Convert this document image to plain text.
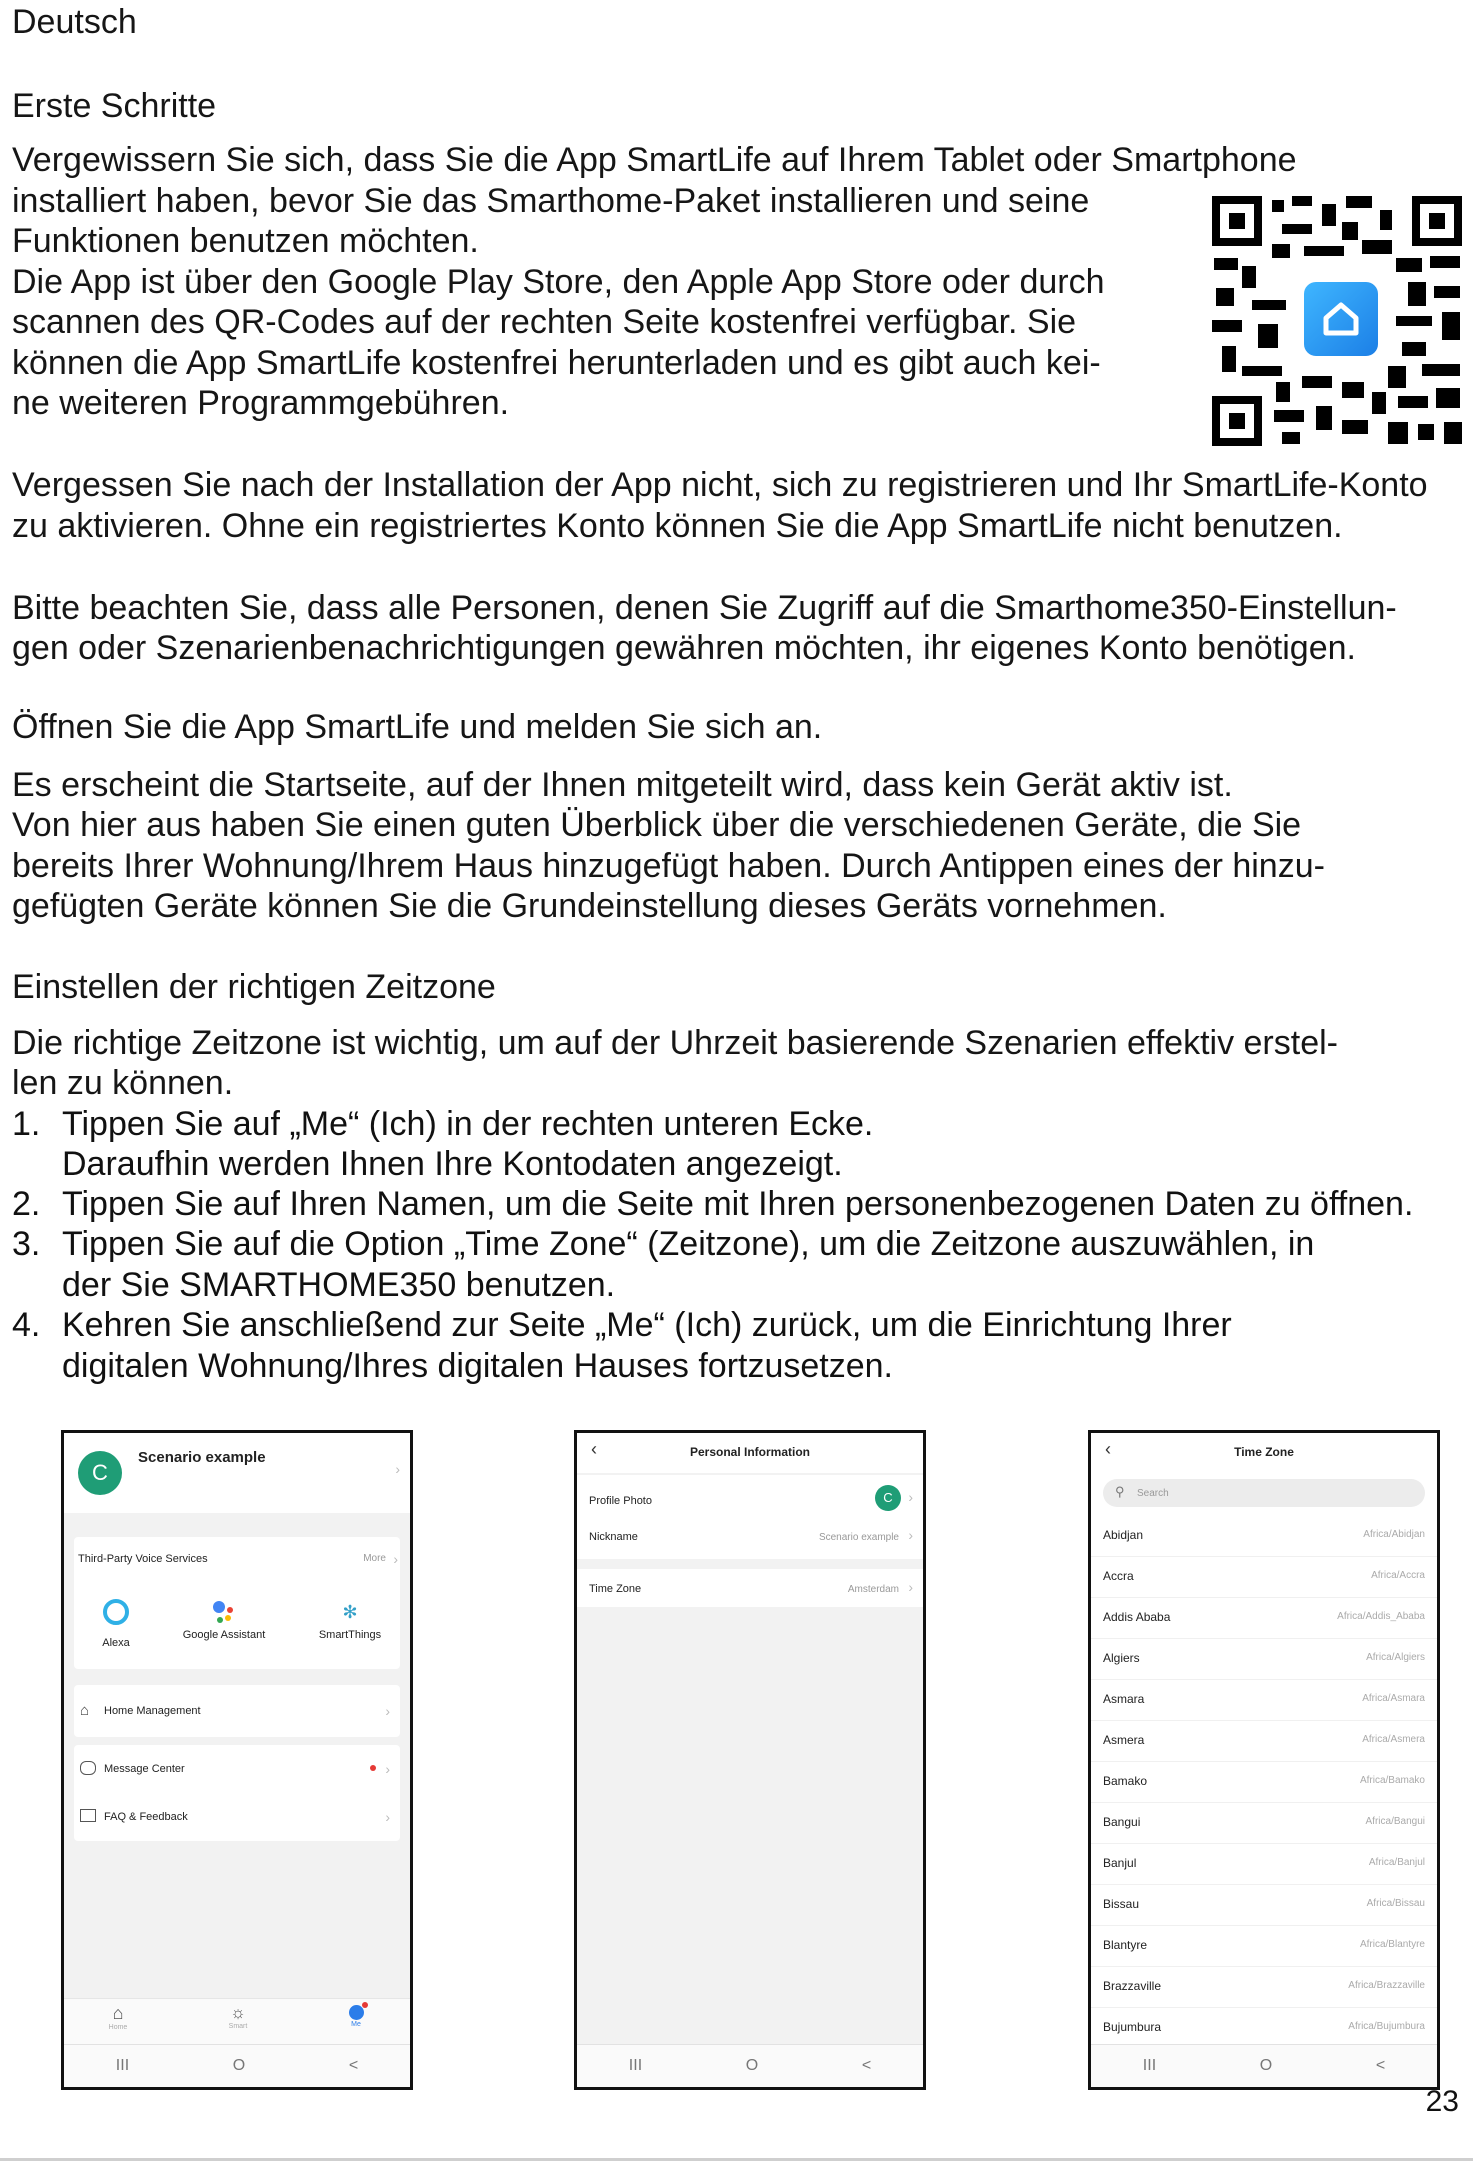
Deutsch
Erste Schritte
Vergewissern Sie sich, dass Sie die App SmartLife auf Ihrem Tablet oder Smartphone
installiert haben, bevor Sie das Smarthome-Paket installieren und seine
Funktionen benutzen möchten.
Die App ist über den Google Play Store, den Apple App Store oder durch
scannen des QR-Codes auf der rechten Seite kostenfrei verfügbar. Sie
können die App SmartLife kostenfrei herunterladen und es gibt auch kei-
ne weiteren Programmgebühren.
Vergessen Sie nach der Installation der App nicht, sich zu registrieren und Ihr SmartLife-Konto
zu aktivieren. Ohne ein registriertes Konto können Sie die App SmartLife nicht benutzen.
Bitte beachten Sie, dass alle Personen, denen Sie Zugriff auf die Smarthome350-Einstellun-
gen oder Szenarienbenachrichtigungen gewähren möchten, ihr eigenes Konto benötigen.
Öffnen Sie die App SmartLife und melden Sie sich an.
Es erscheint die Startseite, auf der Ihnen mitgeteilt wird, dass kein Gerät aktiv ist.
Von hier aus haben Sie einen guten Überblick über die verschiedenen Geräte, die Sie
bereits Ihrer Wohnung/Ihrem Haus hinzugefügt haben. Durch Antippen eines der hinzu-
gefügten Geräte können Sie die Grundeinstellung dieses Geräts vornehmen.
Einstellen der richtigen Zeitzone
Die richtige Zeitzone ist wichtig, um auf der Uhrzeit basierende Szenarien effektiv erstel-
len zu können.
1. Tippen Sie auf „Me“ (Ich) in der rechten unteren Ecke.
Daraufhin werden Ihnen Ihre Kontodaten angezeigt.
2. Tippen Sie auf Ihren Namen, um die Seite mit Ihren personenbezogenen Daten zu öffnen.
3. Tippen Sie auf die Option „Time Zone“ (Zeitzone), um die Zeitzone auszuwählen, in
der Sie SMARTHOME350 benutzen.
4. Kehren Sie anschließend zur Seite „Me“ (Ich) zurück, um die Einrichtung Ihrer
digitalen Wohnung/Ihres digitalen Hauses fortzusetzen.
C
Scenario example
›
Third-Party Voice Services	More ›
Alexa
Google Assistant
✻
SmartThings
⌂ Home Management	›
Message Center	›
FAQ & Feedback	›
⌂
Home
☼
Smart	Me
III	O	<
‹	Personal Information
Profile Photo	C	›
Nickname	Scenario example ›
Time Zone	Amsterdam ›
III	O	<
‹	Time Zone
⚲ Search
Abidjan	Africa/Abidjan
Accra	Africa/Accra
Addis Ababa	Africa/Addis_Ababa
Algiers	Africa/Algiers
Asmara	Africa/Asmara
Asmera	Africa/Asmera
Bamako	Africa/Bamako
Bangui	Africa/Bangui
Banjul	Africa/Banjul
Bissau	Africa/Bissau
Blantyre	Africa/Blantyre
Brazzaville	Africa/Brazzaville
Bujumbura	Africa/Bujumbura
III	O	<
23
